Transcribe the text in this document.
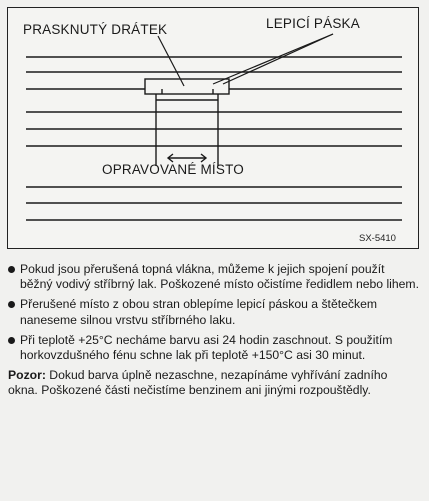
PRASKNUTÝ DRÁTEK	LEPICÍ PÁSKA
OPRAVOVANÉ MÍSTO
SX-5410
Pokud jsou přerušená topná vlákna, můžeme k jejich spojení použít běžný vodivý stříbrný lak. Poškozené místo očistíme ředidlem nebo lihem.
Přerušené místo z obou stran oblepíme lepicí páskou a štětečkem naneseme silnou vrstvu stříbrného laku.
Při teplotě +25°C necháme barvu asi 24 hodin zaschnout. S použitím horkovzdušného fénu schne lak při teplotě +150°C asi 30 minut.
Pozor: Dokud barva úplně nezaschne, nezapínáme vyhřívání zadního okna. Poškozené části nečistíme benzinem ani jinými rozpouštědly.
